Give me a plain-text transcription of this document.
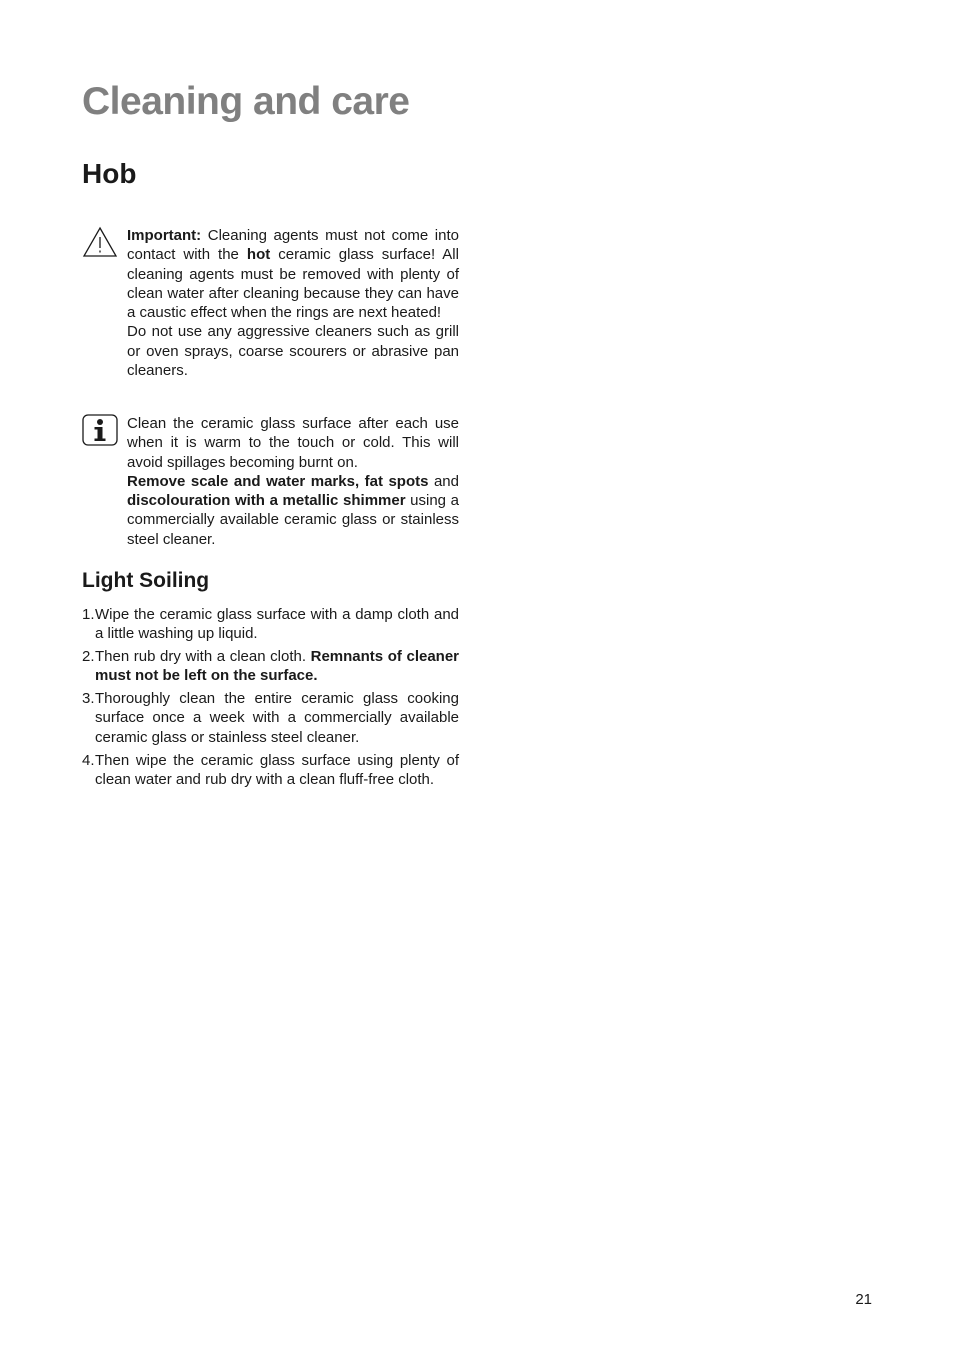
Cleaning and care
Hob

Important: Cleaning agents must not come into contact with the hot ceramic glass surface! All cleaning agents must be removed with plenty of clean water after cleaning because they can have a caustic effect when the rings are next heated!

Do not use any aggressive cleaners such as grill or oven sprays, coarse scourers or abrasive pan cleaners.

Clean the ceramic glass surface after each use when it is warm to the touch or cold. This will avoid spillages becoming burnt on.

Remove scale and water marks, fat spots and discolouration with a metallic shimmer using a commercially available ceramic glass or stainless steel cleaner.

Light Soiling
1. Wipe the ceramic glass surface with a damp cloth and a little washing up liquid.
2. Then rub dry with a clean cloth. Remnants of cleaner must not be left on the surface.
3. Thoroughly clean the entire ceramic glass cooking surface once a week with a commercially available ceramic glass or stainless steel cleaner.
4. Then wipe the ceramic glass surface using plenty of clean water and rub dry with a clean fluff-free cloth.
21
